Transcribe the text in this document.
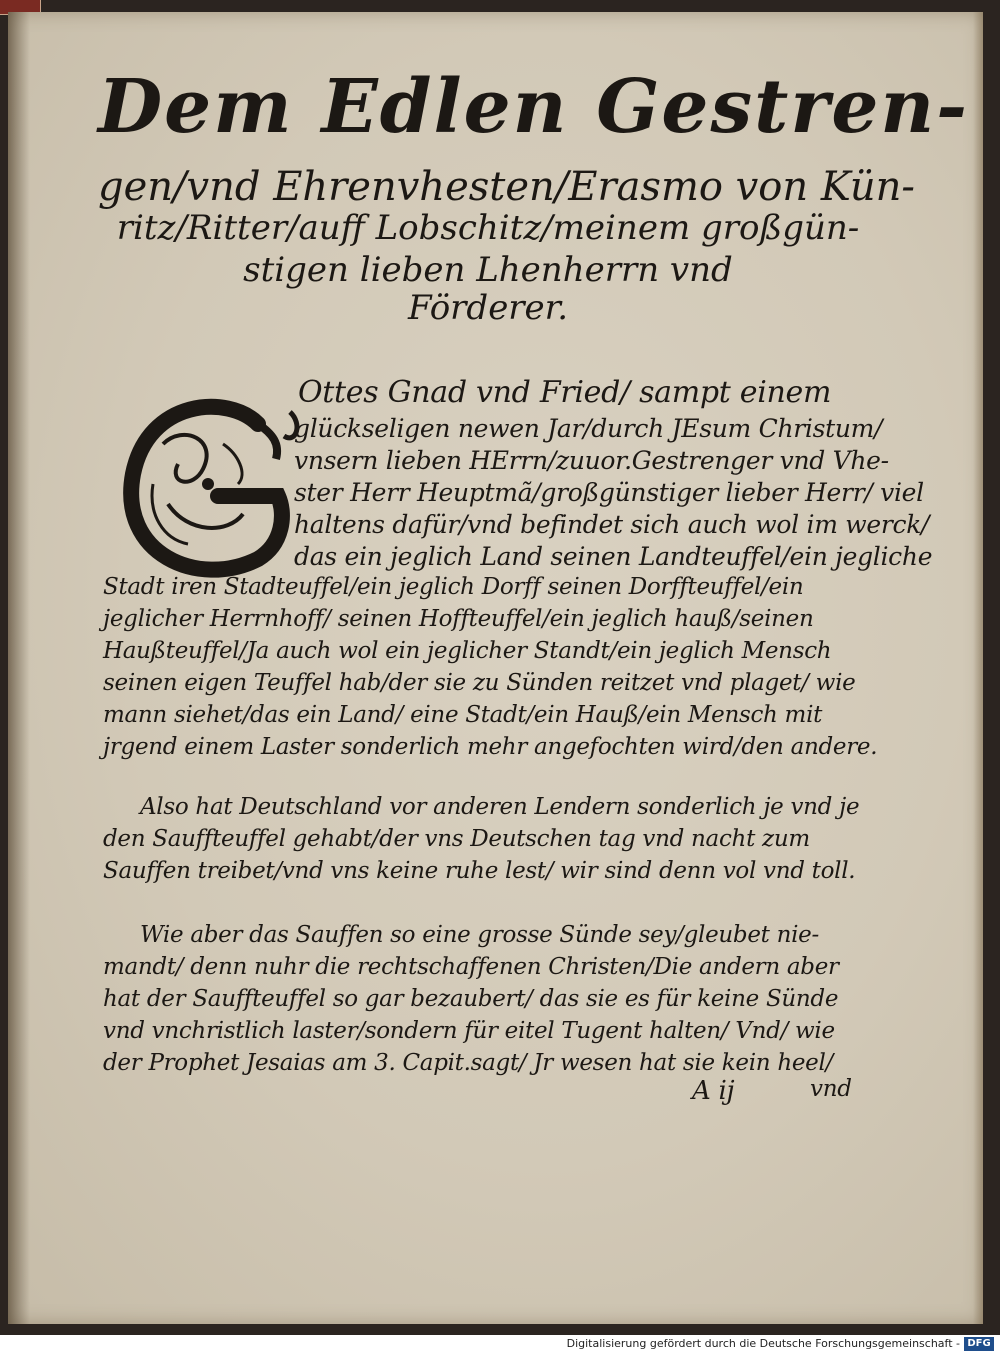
Dem Edlen Gestren-

gen/vnd Ehrenvhesten/Erasmo von Kün-

ritz/Ritter/auff Lobschitz/meinem großgün-

stigen lieben Lhenherrn vnd

Förderer.

Ottes Gnad vnd Fried/ sampt einem

glückseligen newen Jar/durch JEsum Christum/

vnsern lieben HErrn/zuuor.Gestrenger vnd Vhe-

ster Herr Heuptmã/großgünstiger lieber Herr/ viel

haltens dafür/vnd befindet sich auch wol im werck/

das ein jeglich Land seinen Landteuffel/ein jegliche

Stadt iren Stadteuffel/ein jeglich Dorff seinen Dorffteuffel/ein

jeglicher Herrnhoff/ seinen Hoffteuffel/ein jeglich hauß/seinen

Haußteuffel/Ja auch wol ein jeglicher Standt/ein jeglich Mensch

seinen eigen Teuffel hab/der sie zu Sünden reitzet vnd plaget/ wie

mann siehet/das ein Land/ eine Stadt/ein Hauß/ein Mensch mit

jrgend einem Laster sonderlich mehr angefochten wird/den andere.

Also hat Deutschland vor anderen Lendern sonderlich je vnd je

den Sauffteuffel gehabt/der vns Deutschen tag vnd nacht zum

Sauffen treibet/vnd vns keine ruhe lest/ wir sind denn vol vnd toll.

Wie aber das Sauffen so eine grosse Sünde sey/gleubet nie-

mandt/ denn nuhr die rechtschaffenen Christen/Die andern aber

hat der Sauffteuffel so gar bezaubert/ das sie es für keine Sünde

vnd vnchristlich laster/sondern für eitel Tugent halten/ Vnd/ wie

der Prophet Jesaias am 3. Capit.sagt/ Jr wesen hat sie kein heel/

A ij	vnd
Digitalisierung gefördert durch die Deutsche Forschungsgemeinschaft - DFG
